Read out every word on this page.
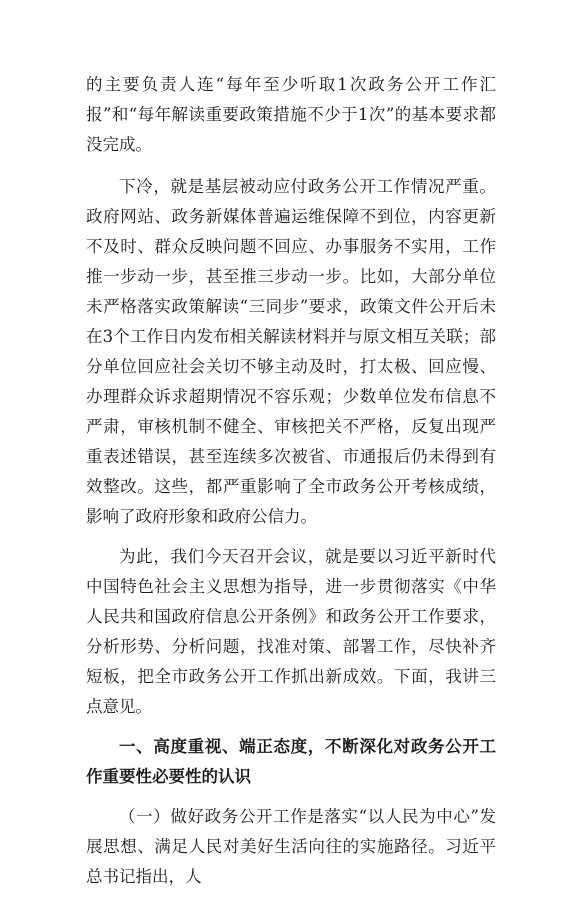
的主要负责人连“每年至少听取1次政务公开工作汇报”和“每年解读重要政策措施不少于1次”的基本要求都没完成。

下冷，就是基层被动应付政务公开工作情况严重。政府网站、政务新媒体普遍运维保障不到位，内容更新不及时、群众反映问题不回应、办事服务不实用，工作推一步动一步，甚至推三步动一步。比如，大部分单位未严格落实政策解读“三同步”要求，政策文件公开后未在3个工作日内发布相关解读材料并与原文相互关联；部分单位回应社会关切不够主动及时，打太极、回应慢、办理群众诉求超期情况不容乐观；少数单位发布信息不严肃，审核机制不健全、审核把关不严格，反复出现严重表述错误，甚至连续多次被省、市通报后仍未得到有效整改。这些，都严重影响了全市政务公开考核成绩，影响了政府形象和政府公信力。

为此，我们今天召开会议，就是要以习近平新时代中国特色社会主义思想为指导，进一步贯彻落实《中华人民共和国政府信息公开条例》和政务公开工作要求，分析形势、分析问题，找准对策、部署工作，尽快补齐短板，把全市政务公开工作抓出新成效。下面，我讲三点意见。

一、高度重视、端正态度，不断深化对政务公开工作重要性必要性的认识

（一）做好政务公开工作是落实“以人民为中心”发展思想、满足人民对美好生活向往的实施路径。习近平总书记指出，人
